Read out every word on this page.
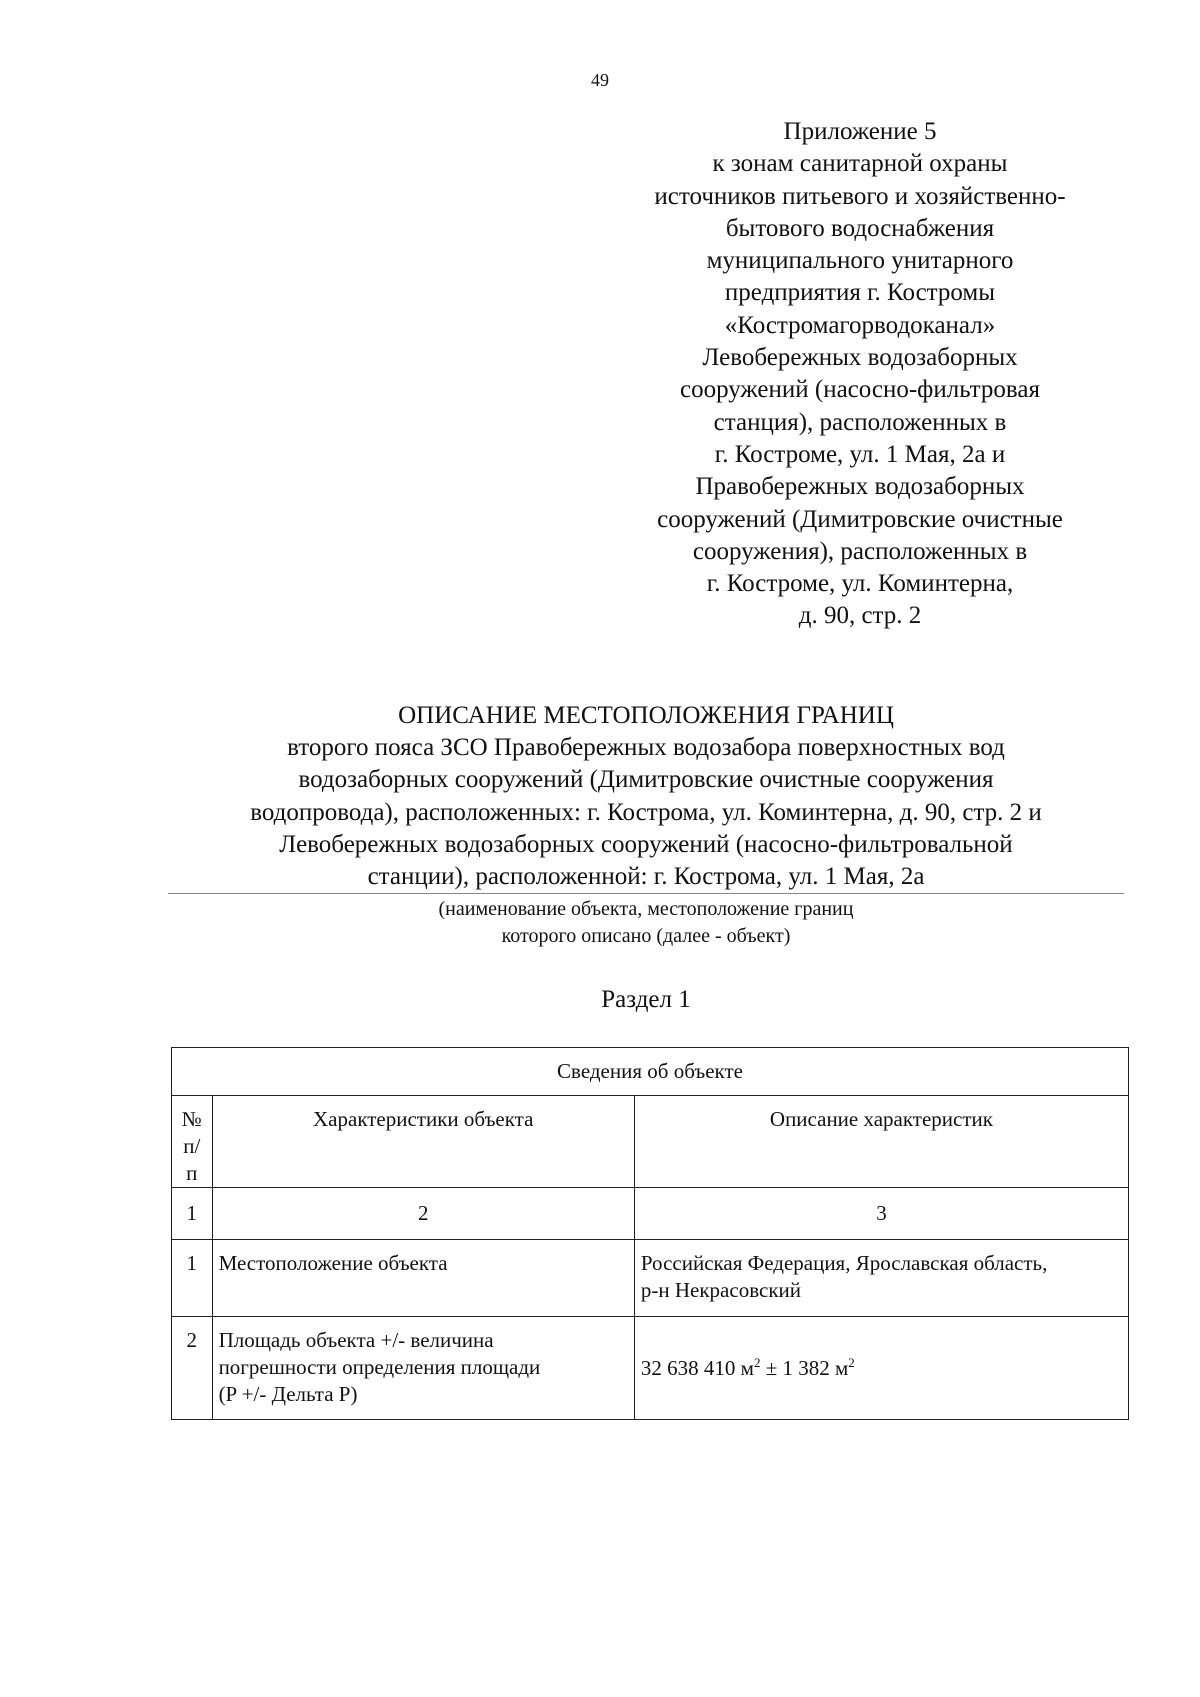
49
Приложение 5
к зонам санитарной охраны
источников питьевого и хозяйственно-
бытового водоснабжения
муниципального унитарного
предприятия г. Костромы
«Костромагорводоканал»
Левобережных водозаборных
сооружений (насосно-фильтровая
станция), расположенных в
г. Костроме, ул. 1 Мая, 2а и
Правобережных водозаборных
сооружений (Димитровские очистные
сооружения), расположенных в
г. Костроме, ул. Коминтерна,
д. 90, стр. 2
ОПИСАНИЕ МЕСТОПОЛОЖЕНИЯ ГРАНИЦ
второго пояса ЗСО Правобережных водозабора поверхностных вод
водозаборных сооружений (Димитровские очистные сооружения
водопровода), расположенных: г. Кострома, ул. Коминтерна, д. 90, стр. 2 и
Левобережных водозаборных сооружений (насосно-фильтровальной
станции), расположенной: г. Кострома, ул. 1 Мая, 2а
(наименование объекта, местоположение границ
которого описано (далее - объект)
Раздел 1
Сведения об объекте		

№
п/п	Характеристики объекта	Описание характеристик
1	2	3
1	Местоположение объекта	Российская Федерация, Ярославская область,
р-н Некрасовский

2	Площадь объекта +/- величина
погрешности определения площади
(P +/- Дельта P)	32 638 410 $м^2 \pm 1$ 382 $м^2$
